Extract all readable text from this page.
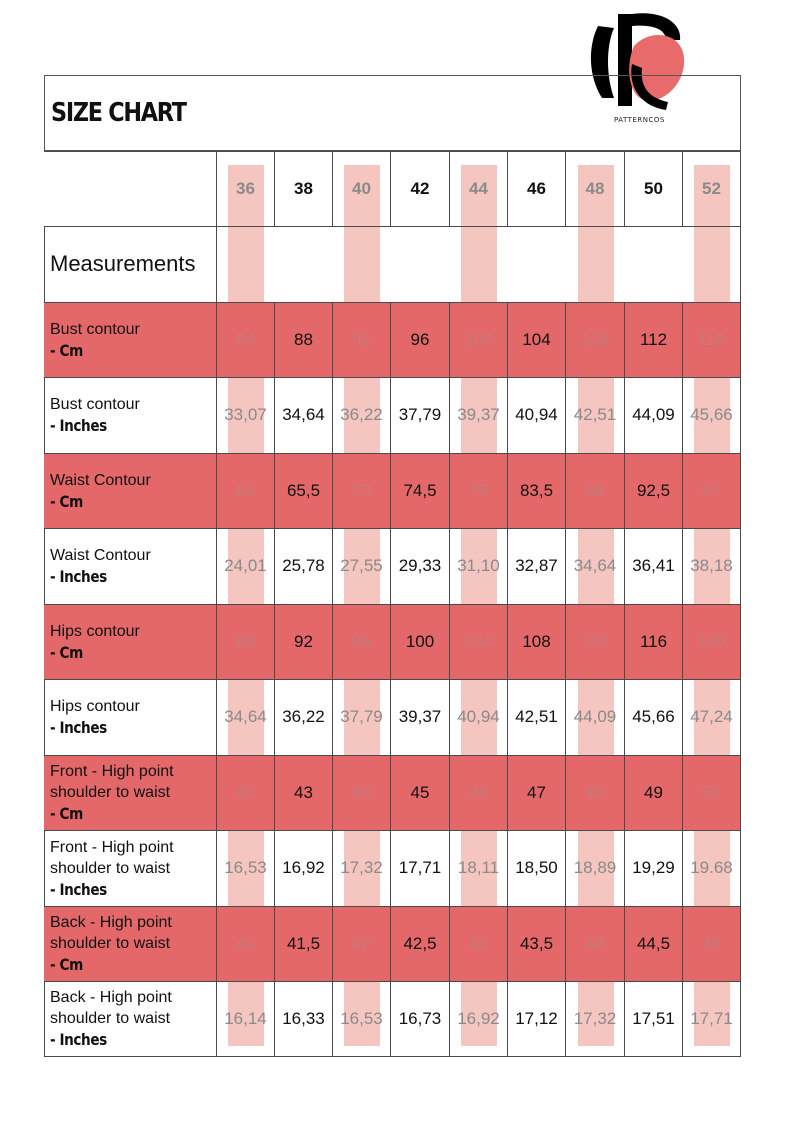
PATTERNCOS
SIZE CHART
Measurements
36 38 40 42 44 46 48 50 52
Bust contour
- Cm
84 88 92 96 100 104 108 112 116
Bust contour
- Inches
33,07 34,64 36,22 37,79 39,37 40,94 42,51 44,09 45,66
Waist Contour
- Cm
61 65,5 70 74,5 79 83,5 88 92,5 97
Waist Contour
- Inches
24,01 25,78 27,55 29,33 31,10 32,87 34,64 36,41 38,18
Hips contour
- Cm
88 92 96 100 104 108 112 116 120
Hips contour
- Inches
34,64 36,22 37,79 39,37 40,94 42,51 44,09 45,66 47,24
Front - High point
shoulder to waist
- Cm
42 43 44 45 46 47 48 49 50
Front - High point
shoulder to waist
- Inches
16,53 16,92 17,32 17,71 18,11 18,50 18,89 19,29 19.68
Back - High point
shoulder to waist
- Cm
41 41,5 42 42,5 43 43,5 44 44,5 45
Back - High point
shoulder to waist
- Inches
16,14 16,33 16,53 16,73 16,92 17,12 17,32 17,51 17,71
